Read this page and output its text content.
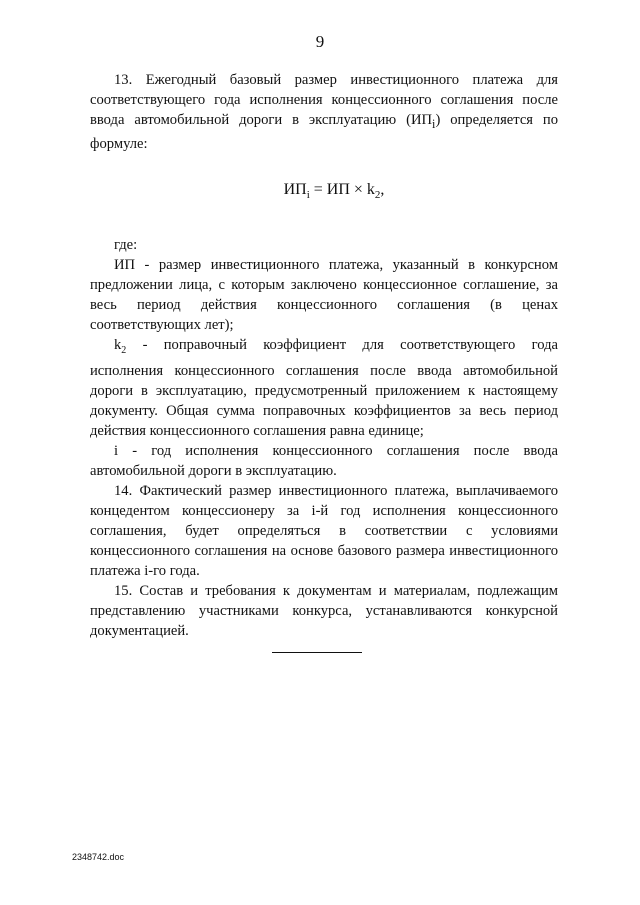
9

13. Ежегодный базовый размер инвестиционного платежа для соответствующего года исполнения концессионного соглашения после ввода автомобильной дороги в эксплуатацию $(ИП_i)$ определяется по формуле:

$ИП_i$ = ИП × $k_2$,

где:

ИП - размер инвестиционного платежа, указанный в конкурсном предложении лица, с которым заключено концессионное соглашение, за весь период действия концессионного соглашения (в ценах соответствующих лет);

$k_2$ - поправочный коэффициент для соответствующего года исполнения концессионного соглашения после ввода автомобильной дороги в эксплуатацию, предусмотренный приложением к настоящему документу. Общая сумма поправочных коэффициентов за весь период действия концессионного соглашения равна единице;

i - год исполнения концессионного соглашения после ввода автомобильной дороги в эксплуатацию.

14. Фактический размер инвестиционного платежа, выплачиваемого концедентом концессионеру за i-й год исполнения концессионного соглашения, будет определяться в соответствии с условиями концессионного соглашения на основе базового размера инвестиционного платежа i-го года.

15. Состав и требования к документам и материалам, подлежащим представлению участниками конкурса, устанавливаются конкурсной документацией.

2348742.doc
